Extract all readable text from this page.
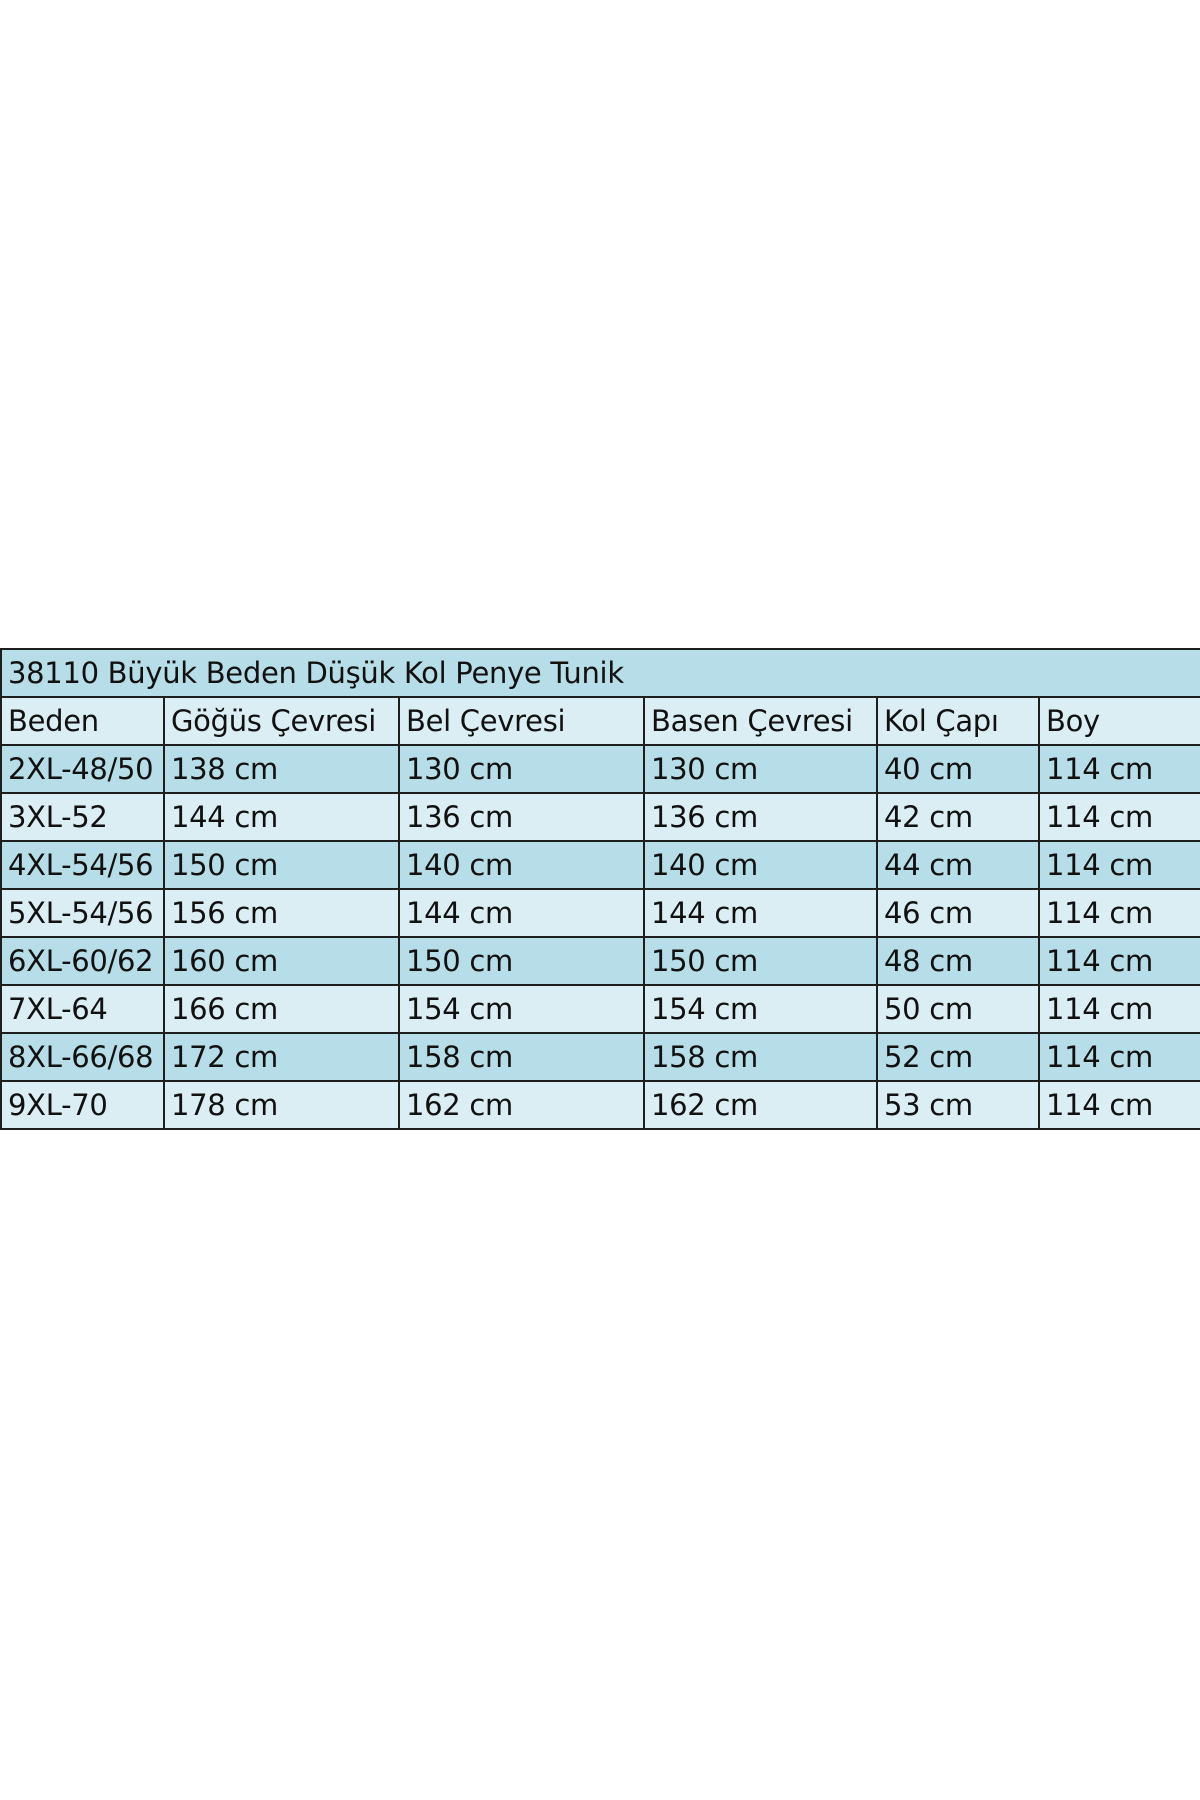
38110 Büyük Beden Düşük Kol Penye Tunik					
Beden	Göğüs Çevresi	Bel Çevresi	Basen Çevresi	Kol Çapı	Boy
2XL-48/50	138 cm	130 cm	130 cm	40 cm	114 cm
3XL-52	144 cm	136 cm	136 cm	42 cm	114 cm
4XL-54/56	150 cm	140 cm	140 cm	44 cm	114 cm
5XL-54/56	156 cm	144 cm	144 cm	46 cm	114 cm
6XL-60/62	160 cm	150 cm	150 cm	48 cm	114 cm
7XL-64	166 cm	154 cm	154 cm	50 cm	114 cm
8XL-66/68	172 cm	158 cm	158 cm	52 cm	114 cm
9XL-70	178 cm	162 cm	162 cm	53 cm	114 cm
